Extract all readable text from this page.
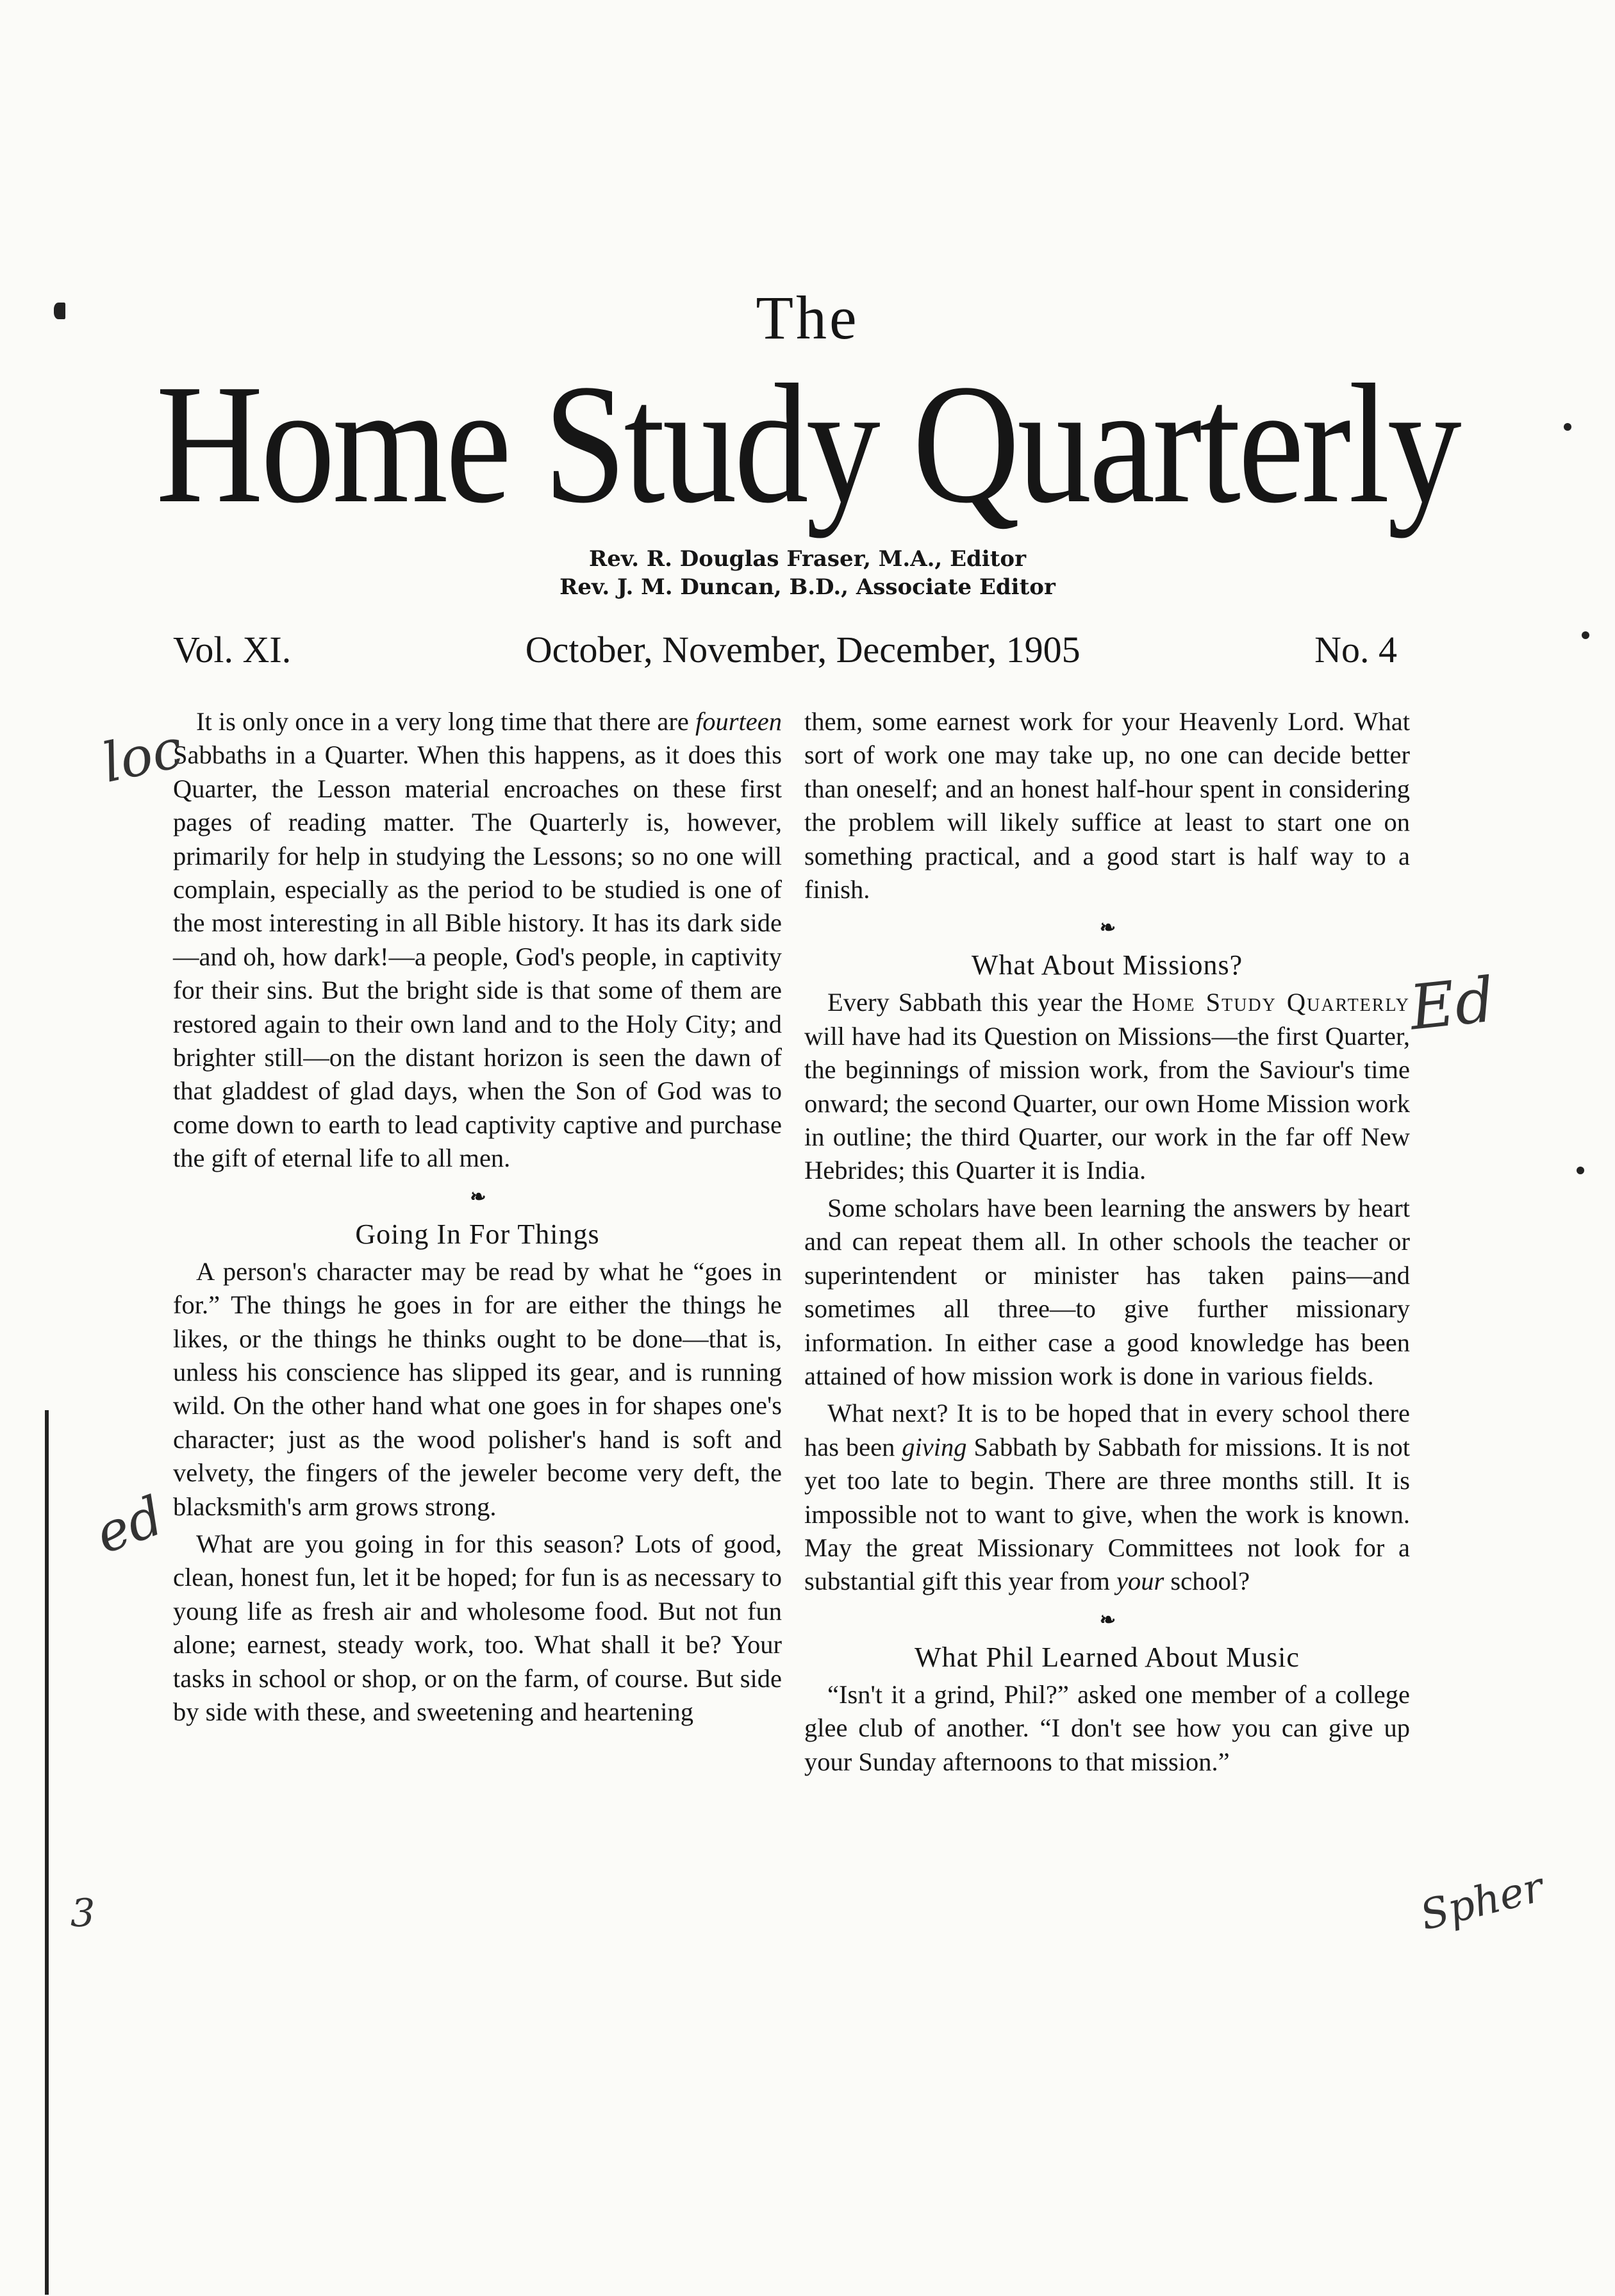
The
Home Study Quarterly
Rev. R. Douglas Fraser, M.A., Editor
Rev. J. M. Duncan, B.D., Associate Editor
Vol. XI.	October, November, December, 1905	No. 4

It is only once in a very long time that there are fourteen Sabbaths in a Quarter. When this happens, as it does this Quarter, the Lesson material encroaches on these first pages of reading matter. The Quarterly is, however, primarily for help in studying the Lessons; so no one will complain, especially as the period to be studied is one of the most interesting in all Bible history. It has its dark side—and oh, how dark!—a people, God's people, in captivity for their sins. But the bright side is that some of them are restored again to their own land and to the Holy City; and brighter still—on the distant horizon is seen the dawn of that gladdest of glad days, when the Son of God was to come down to earth to lead captivity captive and purchase the gift of eternal life to all men.

❧
Going In For Things

A person's character may be read by what he “goes in for.” The things he goes in for are either the things he likes, or the things he thinks ought to be done—that is, unless his conscience has slipped its gear, and is running wild. On the other hand what one goes in for shapes one's character; just as the wood polisher's hand is soft and velvety, the fingers of the jeweler become very deft, the blacksmith's arm grows strong.

What are you going in for this season? Lots of good, clean, honest fun, let it be hoped; for fun is as necessary to young life as fresh air and wholesome food. But not fun alone; earnest, steady work, too. What shall it be? Your tasks in school or shop, or on the farm, of course. But side by side with these, and sweetening and heartening

them, some earnest work for your Heavenly Lord. What sort of work one may take up, no one can decide better than oneself; and an honest half-hour spent in considering the problem will likely suffice at least to start one on something practical, and a good start is half way to a finish.

❧
What About Missions?

Every Sabbath this year the Home Study Quarterly will have had its Question on Missions—the first Quarter, the beginnings of mission work, from the Saviour's time onward; the second Quarter, our own Home Mission work in outline; the third Quarter, our work in the far off New Hebrides; this Quarter it is India.

Some scholars have been learning the answers by heart and can repeat them all. In other schools the teacher or superintendent or minister has taken pains—and sometimes all three—to give further missionary information. In either case a good knowledge has been attained of how mission work is done in various fields.

What next? It is to be hoped that in every school there has been giving Sabbath by Sabbath for missions. It is not yet too late to begin. There are three months still. It is impossible not to want to give, when the work is known. May the great Missionary Committees not look for a substantial gift this year from your school?

❧
What Phil Learned About Music

“Isn't it a grind, Phil?” asked one member of a college glee club of another. “I don't see how you can give up your Sunday afternoons to that mission.”

loc
Ed
ed
3	Spher
